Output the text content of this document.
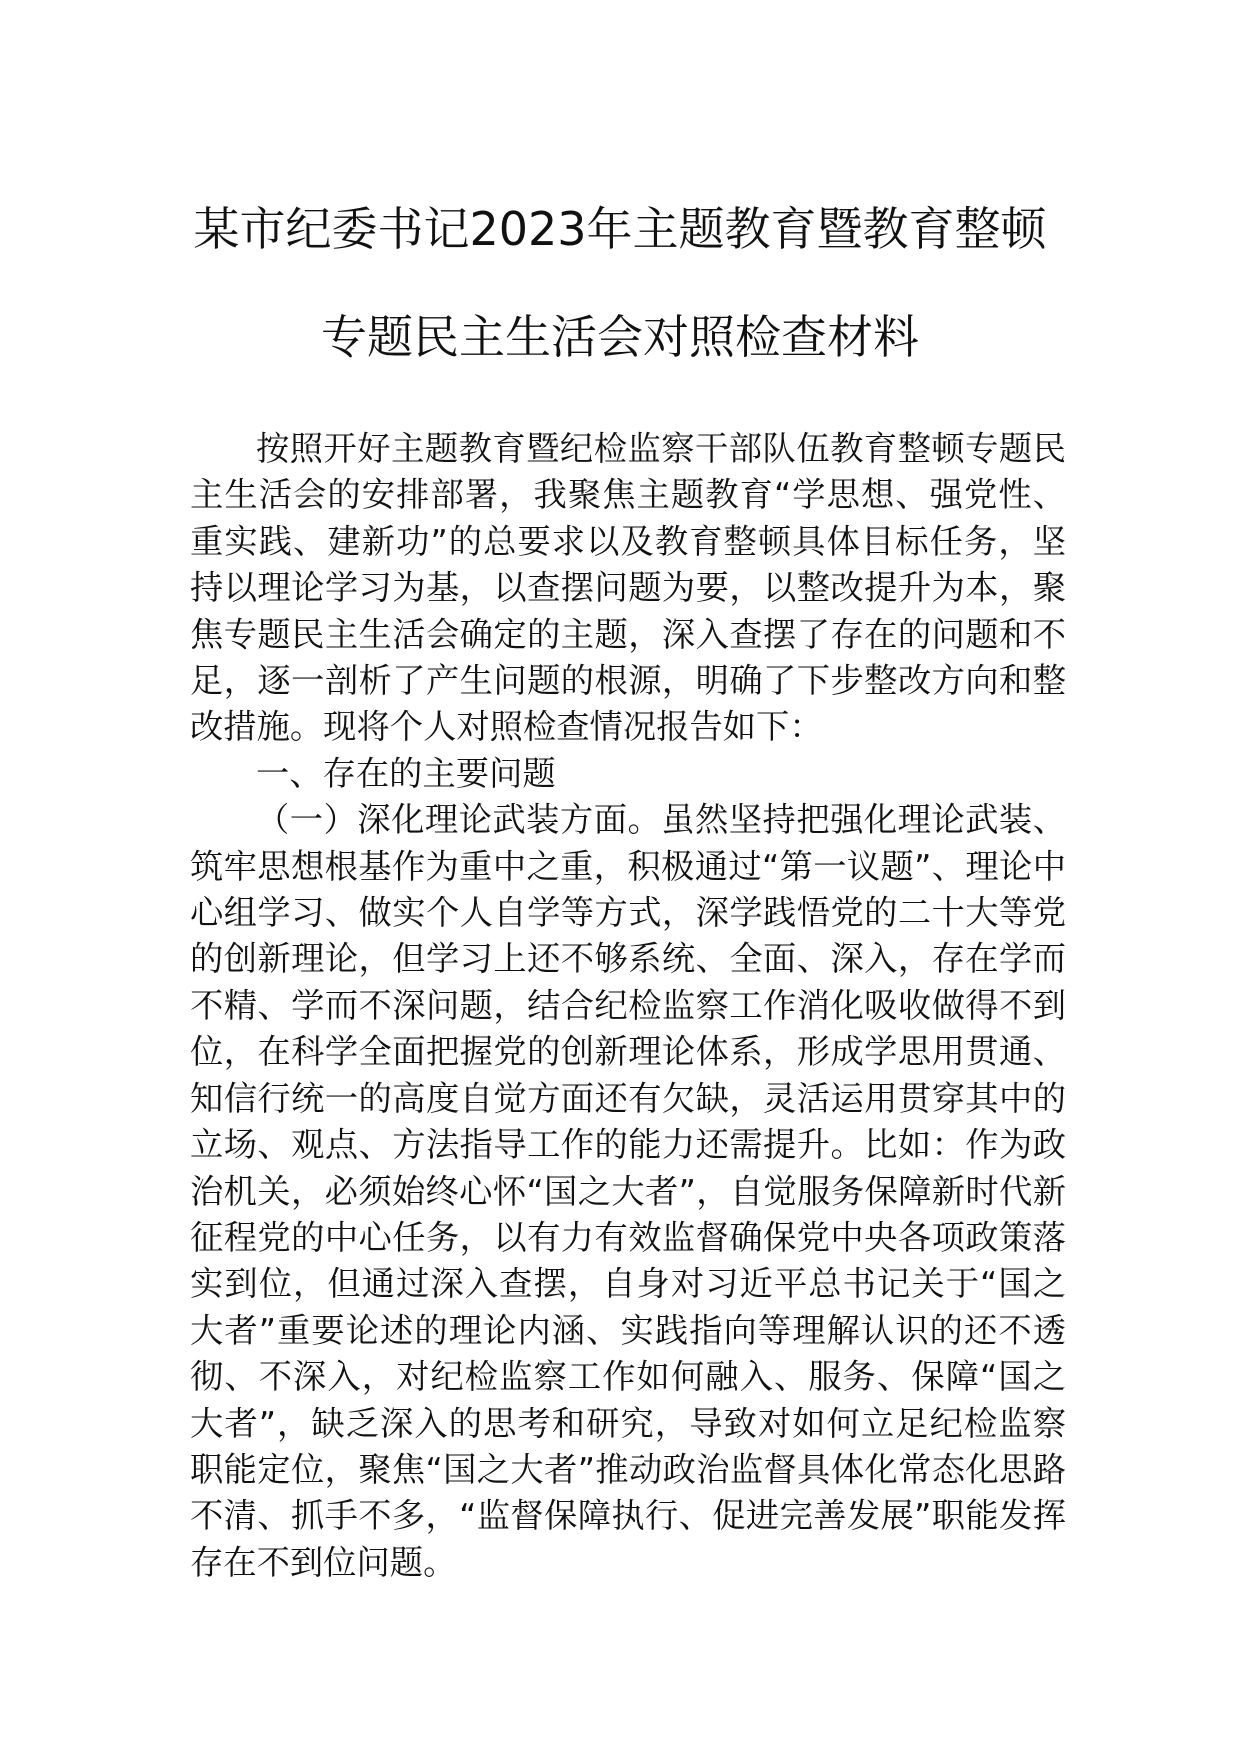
某市纪委书记2023年主题教育暨教育整顿
专题民主生活会对照检查材料

按照开好主题教育暨纪检监察干部队伍教育整顿专题民主生活会的安排部署，我聚焦主题教育“学思想、强党性、重实践、建新功”的总要求以及教育整顿具体目标任务，坚持以理论学习为基，以查摆问题为要，以整改提升为本，聚焦专题民主生活会确定的主题，深入查摆了存在的问题和不足，逐一剖析了产生问题的根源，明确了下步整改方向和整改措施。现将个人对照检查情况报告如下：

一、存在的主要问题

（一）深化理论武装方面。虽然坚持把强化理论武装、筑牢思想根基作为重中之重，积极通过“第一议题”、理论中心组学习、做实个人自学等方式，深学践悟党的二十大等党的创新理论，但学习上还不够系统、全面、深入，存在学而不精、学而不深问题，结合纪检监察工作消化吸收做得不到位，在科学全面把握党的创新理论体系，形成学思用贯通、知信行统一的高度自觉方面还有欠缺，灵活运用贯穿其中的立场、观点、方法指导工作的能力还需提升。比如：作为政治机关，必须始终心怀“国之大者”，自觉服务保障新时代新征程党的中心任务，以有力有效监督确保党中央各项政策落实到位，但通过深入查摆，自身对习近平总书记关于“国之大者”重要论述的理论内涵、实践指向等理解认识的还不透彻、不深入，对纪检监察工作如何融入、服务、保障“国之大者”，缺乏深入的思考和研究，导致对如何立足纪检监察职能定位，聚焦“国之大者”推动政治监督具体化常态化思路不清、抓手不多，“监督保障执行、促进完善发展”职能发挥存在不到位问题。
